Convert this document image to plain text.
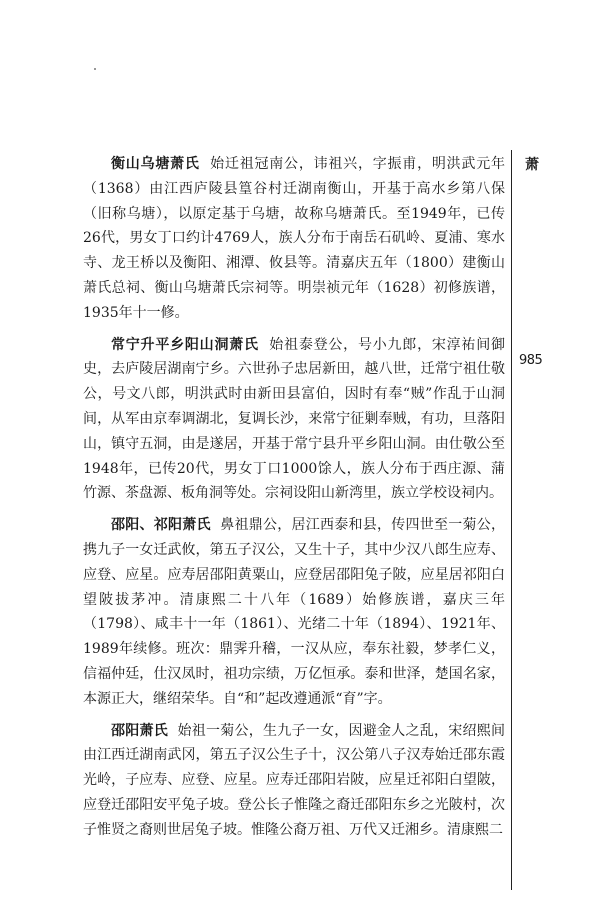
萧
985

衡山乌塘萧氏 始迁祖冠南公，讳祖兴，字振甫，明洪武元年（1368）由江西庐陵县篁谷村迁湖南衡山，开基于高水乡第八保（旧称乌塘），以原定基于乌塘，故称乌塘萧氏。至1949年，已传26代，男女丁口约计4769人，族人分布于南岳石矶岭、夏浦、寒水寺、龙王桥以及衡阳、湘潭、攸县等。清嘉庆五年（1800）建衡山萧氏总祠、衡山乌塘萧氏宗祠等。明崇祯元年（1628）初修族谱，1935年十一修。

常宁升平乡阳山洞萧氏 始祖泰登公，号小九郎，宋淳祐间御史，去庐陵居湖南宁乡。六世孙子忠居新田，越八世，迁常宁祖仕敬公，号文八郎，明洪武时由新田县富伯，因时有奉“贼”作乱于山洞间，从军由京奉调湖北，复调长沙，来常宁征剿奉贼，有功，旦落阳山，镇守五洞，由是遂居，开基于常宁县升平乡阳山洞。由仕敬公至1948年，已传20代，男女丁口1000馀人，族人分布于西庄源、蒲竹源、茶盘源、板角洞等处。宗祠设阳山新湾里，族立学校设祠内。

邵阳、祁阳萧氏 鼻祖鼎公，居江西泰和县，传四世至一菊公，携九子一女迁武攸，第五子汉公，又生十子，其中少汉八郎生应寿、应登、应星。应寿居邵阳黄粟山，应登居邵阳兔子陂，应星居祁阳白望陂拔茅冲。清康熙二十八年（1689）始修族谱，嘉庆三年（1798）、咸丰十一年（1861）、光绪二十年（1894）、1921年、1989年续修。班次：鼎霁升稽，一汉从应，奉东社毅，梦孝仁义，信福仲廷，仕汉凤时，祖功宗绩，万亿恒承。泰和世泽，楚国名家，本源正大，继绍荣华。自“和”起改遵通派“育”字。

邵阳萧氏 始祖一菊公，生九子一女，因避金人之乱，宋绍熙间由江西迁湖南武冈，第五子汉公生子十，汉公第八子汉寿始迁邵东霞光岭，子应寿、应登、应星。应寿迁邵阳岩陂，应星迁祁阳白望陂，应登迁邵阳安平兔子坡。登公长子惟隆之裔迁邵阳东乡之光陂村，次子惟贤之裔则世居兔子坡。惟隆公裔万祖、万代又迁湘乡。清康熙二
